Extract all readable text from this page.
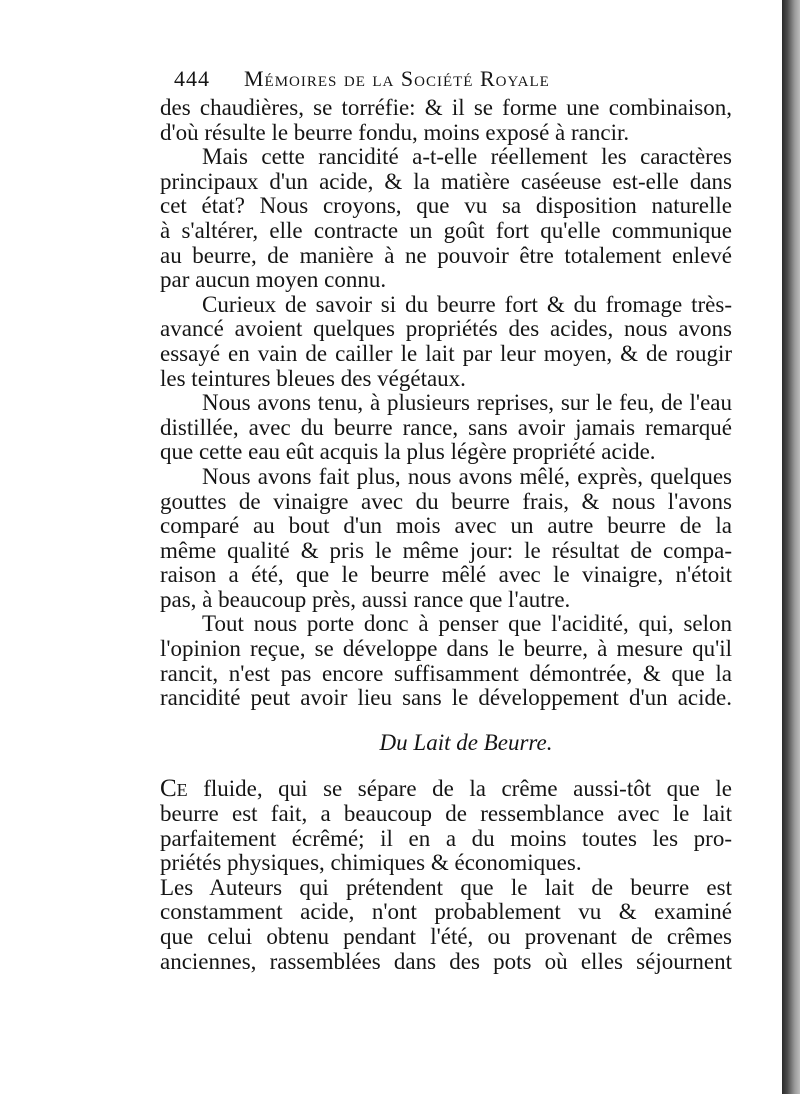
444 Mémoires de la Société Royale
des chaudières, se torréfie: & il se forme une combinaison,
d'où résulte le beurre fondu, moins exposé à rancir.
Mais cette rancidité a-t-elle réellement les caractères
principaux d'un acide, & la matière caséeuse est-elle dans
cet état? Nous croyons, que vu sa disposition naturelle
à s'altérer, elle contracte un goût fort qu'elle communique
au beurre, de manière à ne pouvoir être totalement enlevé
par aucun moyen connu.
Curieux de savoir si du beurre fort & du fromage très-
avancé avoient quelques propriétés des acides, nous avons
essayé en vain de cailler le lait par leur moyen, & de rougir
les teintures bleues des végétaux.
Nous avons tenu, à plusieurs reprises, sur le feu, de l'eau
distillée, avec du beurre rance, sans avoir jamais remarqué
que cette eau eût acquis la plus légère propriété acide.
Nous avons fait plus, nous avons mêlé, exprès, quelques
gouttes de vinaigre avec du beurre frais, & nous l'avons
comparé au bout d'un mois avec un autre beurre de la
même qualité & pris le même jour: le résultat de compa-
raison a été, que le beurre mêlé avec le vinaigre, n'étoit
pas, à beaucoup près, aussi rance que l'autre.
Tout nous porte donc à penser que l'acidité, qui, selon
l'opinion reçue, se développe dans le beurre, à mesure qu'il
rancit, n'est pas encore suffisamment démontrée, & que la
rancidité peut avoir lieu sans le développement d'un acide.
Du Lait de Beurre.
Ce fluide, qui se sépare de la crême aussi-tôt que le
beurre est fait, a beaucoup de ressemblance avec le lait
parfaitement écrêmé; il en a du moins toutes les pro-
priétés physiques, chimiques & économiques.
Les Auteurs qui prétendent que le lait de beurre est
constamment acide, n'ont probablement vu & examiné
que celui obtenu pendant l'été, ou provenant de crêmes
anciennes, rassemblées dans des pots où elles séjournent
